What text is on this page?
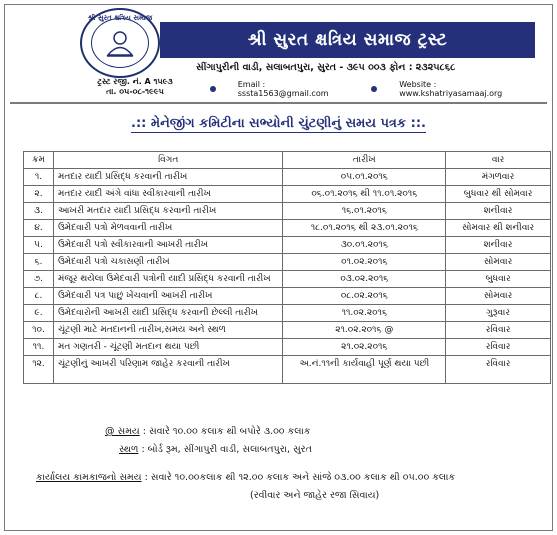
શ્રી સુરત ક્ષત્રિય સમાજ
શ્રી સુરત ક્ષત્રિય સમાજ ટ્રસ્ટ
સીંગાપુરીની વાડી, સલાબતપુરા, સુરત - ૩૯૫ ૦૦૩ ફોન : ૨૩૨૫૮૬૮
Email : sssta1563@gmail.com
Website : www.kshatriyasamaaj.org
ટ્રસ્ટ રજી. નં. A ૧૫૯૩
તા. ૦૫-૦૮-૧૯૯૫
.:: મેનેજીંગ કમિટીના સભ્યોની ચુંટણીનું સમય પત્રક ::.
ક્રમ	વિગત	તારીખ	વાર
૧.	મતદાર યાદી પ્રસિદ્ધ કરવાની તારીખ	૦૫.૦૧.૨૦૧૬	મંગળવાર
૨.	મતદાર યાદી અંગે વાંધા સ્વીકારવાની તારીખ	૦૬.૦૧.૨૦૧૬ થી ૧૧.૦૧.૨૦૧૬	બુધવાર થી સોમવાર
૩.	આખરી મતદાર યાદી પ્રસિદ્ધ કરવાની તારીખ	૧૬.૦૧.૨૦૧૬	શનીવાર
૪.	ઉમેદવારી પત્રો મેળવવાની તારીખ	૧૮.૦૧.૨૦૧૬ થી ૨૩.૦૧.૨૦૧૬	સોમવાર થી શનીવાર
૫.	ઉમેદવારી પત્રો સ્વીકારવાની આખરી તારીખ	૩૦.૦૧.૨૦૧૬	શનીવાર
૬.	ઉમેદવારી પત્રો ચકાસણી તારીખ	૦૧.૦૨.૨૦૧૬	સોમવાર
૭.	મંજૂર થયેલા ઉમેદવારી પત્રોની યાદી પ્રસિદ્ધ કરવાની તારીખ	૦૩.૦૨.૨૦૧૬	બુધવાર
૮.	ઉમેદવારી પત્ર પાછું ખેંચવાની આખરી તારીખ	૦૮.૦૨.૨૦૧૬	સોમવાર
૯.	ઉમેદવારોની આખરી યાદી પ્રસિદ્ધ કરવાની છેલ્લી તારીખ	૧૧.૦૨.૨૦૧૬	ગુરૂવાર
૧૦.	ચૂંટણી માટે મતદાનની તારીખ,સમય અને સ્થળ	૨૧.૦૨.૨૦૧૬ @	રવિવાર
૧૧.	મત ગણતરી - ચૂંટણી મતદાન થયા પછી	૨૧.૦૨.૨૦૧૬	રવિવાર
૧૨.	ચૂંટણીનું આખરી પરિણામ જાહેર કરવાની તારીખ	અ.નં.૧૧ની કાર્યવાહી પૂર્ણ થયા પછી	રવિવાર
@ સમય : સવારે ૧૦.૦૦ કલાક થી બપોરે ૩.૦૦ કલાક
સ્થળ : બોર્ડ રૂમ, સીંગાપુરી વાડી, સલાબતપુરા, સુરત
કાર્યાલય કામકાજનો સમય : સવારે ૧૦.૦૦કલાક થી ૧૨.૦૦ કલાક અને સાંજે ૦૩.૦૦ કલાક થી ૦૫.૦૦ કલાક
(રવીવાર અને જાહેર રજા સિવાય)
